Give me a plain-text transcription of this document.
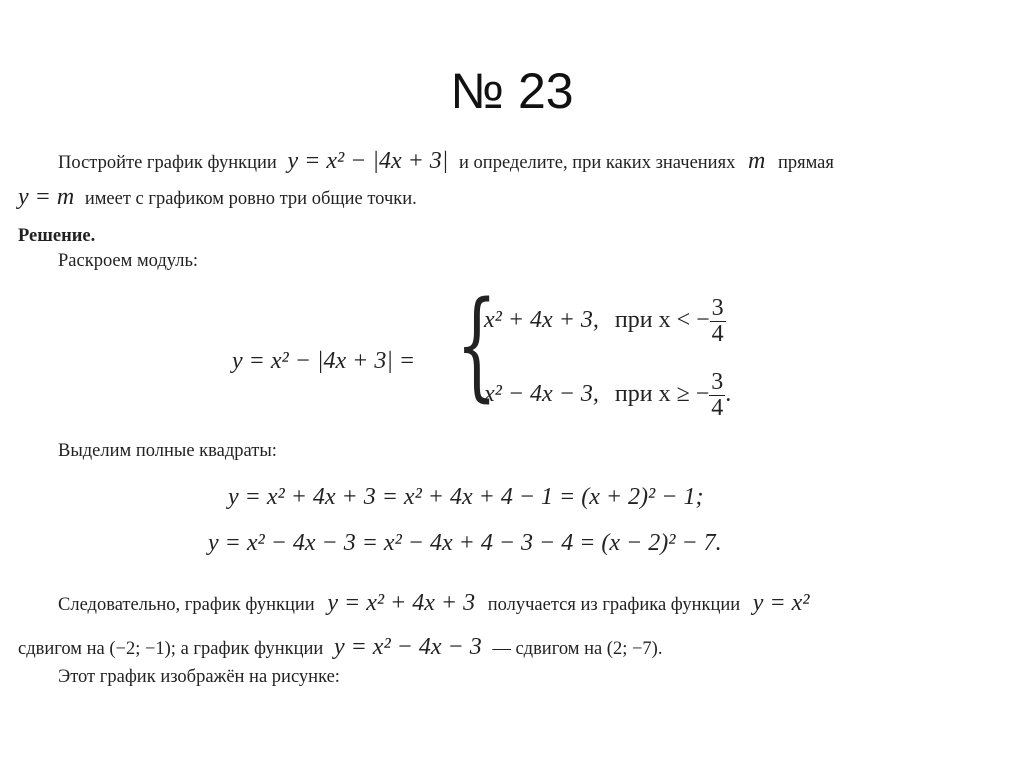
№ 23
Постройте график функции y = x² − |4x + 3| и определите, при каких значениях m прямая
y = m имеет с графиком ровно три общие точки.
Решение.
Раскроем модуль:
y = x² − |4x + 3| = {
x² + 4x + 3, при x < − $\frac{3}{4}$
x² − 4x − 3, при x ≥ − $\frac{3}{4}$ .
Выделим полные квадраты:
y = x² + 4x + 3 = x² + 4x + 4 − 1 = (x + 2)² − 1;
y = x² − 4x − 3 = x² − 4x + 4 − 3 − 4 = (x − 2)² − 7.
Следовательно, график функции y = x² + 4x + 3 получается из графика функции y = x²
сдвигом на (−2; −1); а график функции y = x² − 4x − 3 — сдвигом на (2; −7).
Этот график изображён на рисунке:
